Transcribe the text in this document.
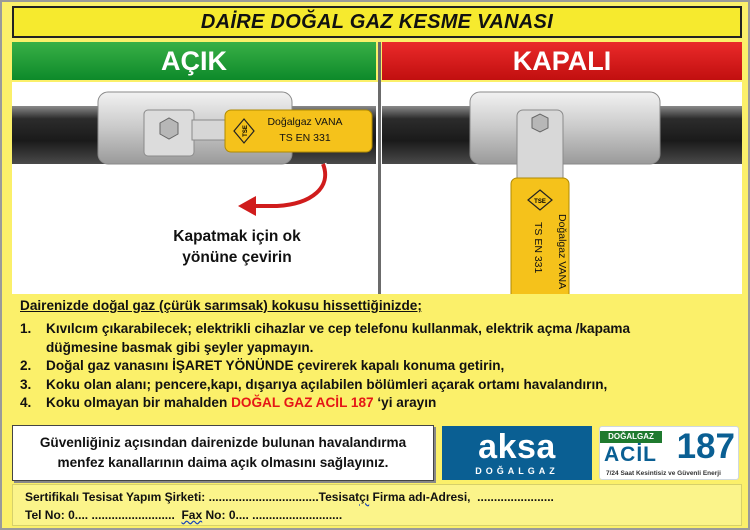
DAİRE DOĞAL GAZ KESME VANASI
AÇIK	KAPALI
TSE
Doğalgaz VANA
TS EN 331
Kapatmak için ok
yönüne çevirin
TSE
Doğalgaz VANA
TS EN 331
Dairenizde doğal gaz (çürük sarımsak) kokusu hissettiğinizde;
1.	Kıvılcım çıkarabilecek; elektrikli cihazlar ve cep telefonu kullanmak, elektrik açma /kapama
düğmesine basmak gibi şeyler yapmayın.
2.	Doğal gaz vanasını İŞARET YÖNÜNDE çevirerek kapalı konuma getirin,
3.	Koku olan alanı; pencere,kapı, dışarıya açılabilen bölümleri açarak ortamı havalandırın,
4.	Koku olmayan bir mahalden DOĞAL GAZ ACİL 187 ‘yi arayın
Güvenliğiniz açısından dairenizde bulunan havalandırma
menfez kanallarının daima açık olmasını sağlayınız.	aksa
DOĞALGAZ
DOĞALGAZ
ACİL 187
7/24 Saat Kesintisiz ve Güvenli Enerji
Sertifikalı Tesisat Yapım Şirketi: .................................Tesisatçı Firma adı-Adresi,  .......................
Tel No: 0.... .........................  Fax No: 0.... ...........................
